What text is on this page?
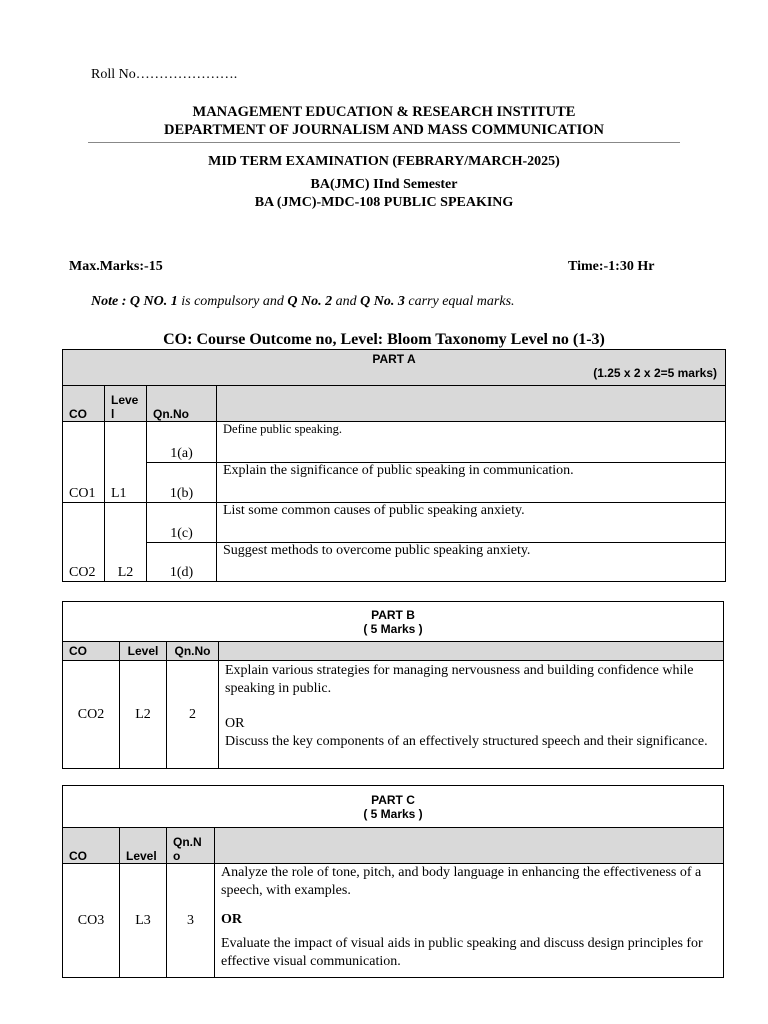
Roll No………………….
MANAGEMENT EDUCATION & RESEARCH INSTITUTE
DEPARTMENT OF JOURNALISM AND MASS COMMUNICATION
MID TERM EXAMINATION (FEBRARY/MARCH-2025)
BA(JMC) IInd Semester
BA (JMC)-MDC-108 PUBLIC SPEAKING
Max.Marks:-15	Time:-1:30 Hr
Note : Q NO. 1 is compulsory and Q No. 2 and Q No. 3 carry equal marks.
CO: Course Outcome no, Level: Bloom Taxonomy Level no (1-3)
PART A
(1.25 x 2 x 2=5 marks)			

CO	Leve l	Qn.No	
		1(a)	Define public speaking.
CO1	L1	1(b)	Explain the significance of public speaking in communication.
		1(c)	List some common causes of public speaking anxiety.
CO2	L2	1(d)	Suggest methods to overcome public speaking anxiety.
PART B
( 5 Marks )			

CO	Level	Qn.No	
CO2	L2	2	Explain various strategies for managing nervousness and building confidence while speaking in public.
OR
Discuss the key components of an effectively structured speech and their significance.
PART C
( 5 Marks )			

CO	Level	Qn.N o	
CO3	L3	3	Analyze the role of tone, pitch, and body language in enhancing the effectiveness of a speech, with examples.
OR
Evaluate the impact of visual aids in public speaking and discuss design principles for effective visual communication.
